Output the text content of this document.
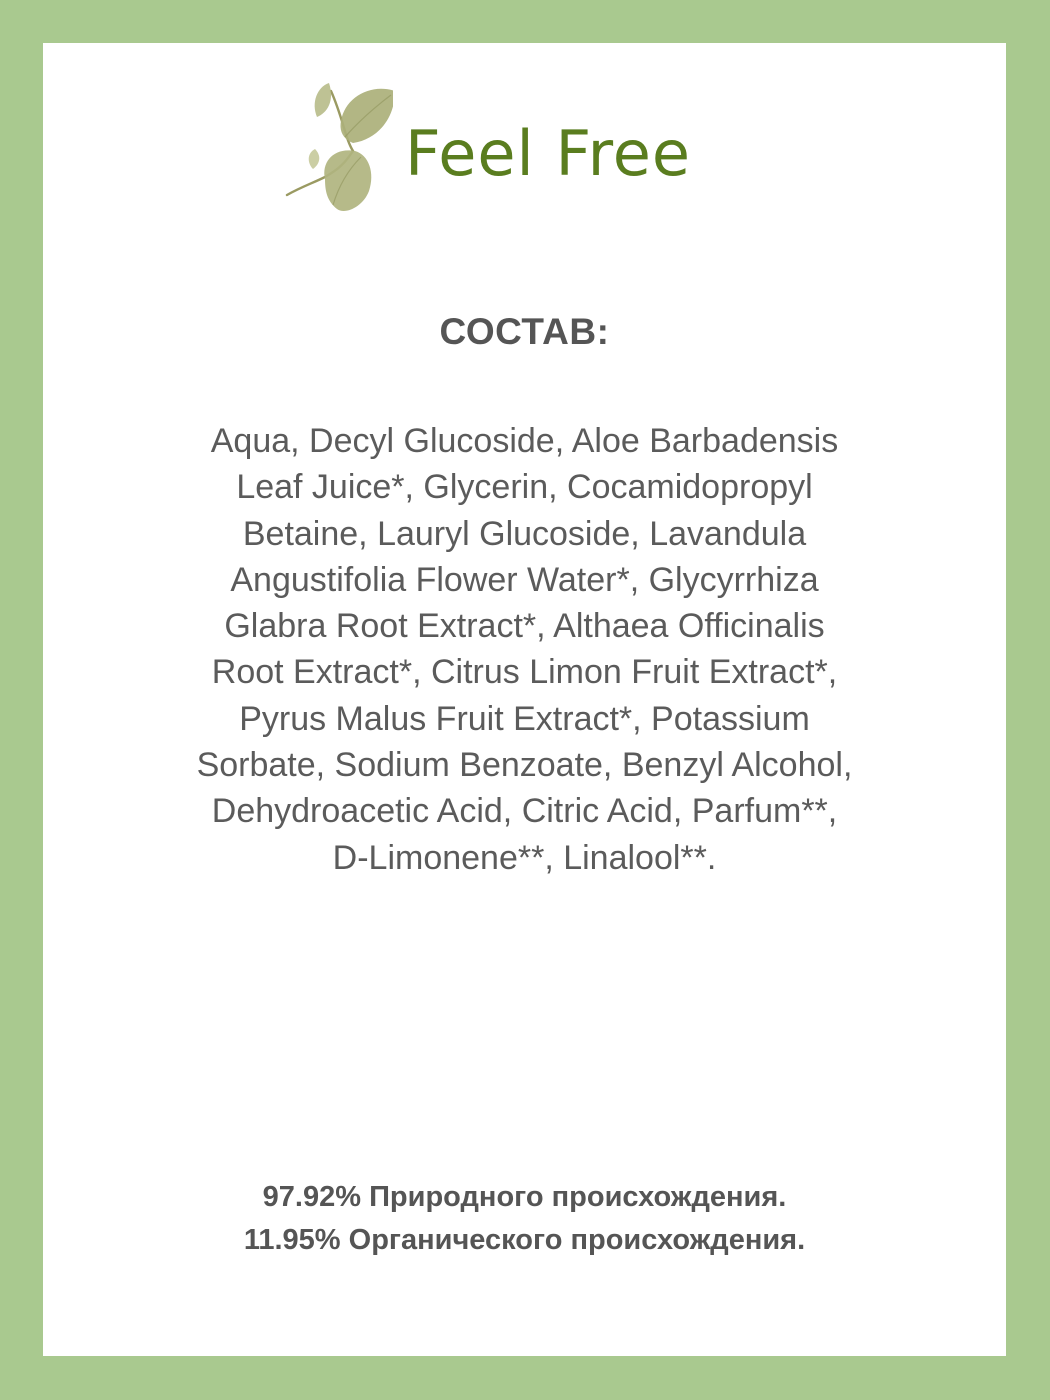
Feel Free
СОСТАВ:
Aqua, Decyl Glucoside, Aloe Barbadensis Leaf Juice*, Glycerin, Cocamidopropyl Betaine, Lauryl Glucoside, Lavandula Angustifolia Flower Water*, Glycyrrhiza Glabra Root Extract*, Althaea Officinalis Root Extract*, Citrus Limon Fruit Extract*, Pyrus Malus Fruit Extract*, Potassium Sorbate, Sodium Benzoate, Benzyl Alcohol, Dehydroacetic Acid, Citric Acid, Parfum**, D-Limonene**, Linalool**.
97.92% Природного происхождения.
11.95% Органического происхождения.
